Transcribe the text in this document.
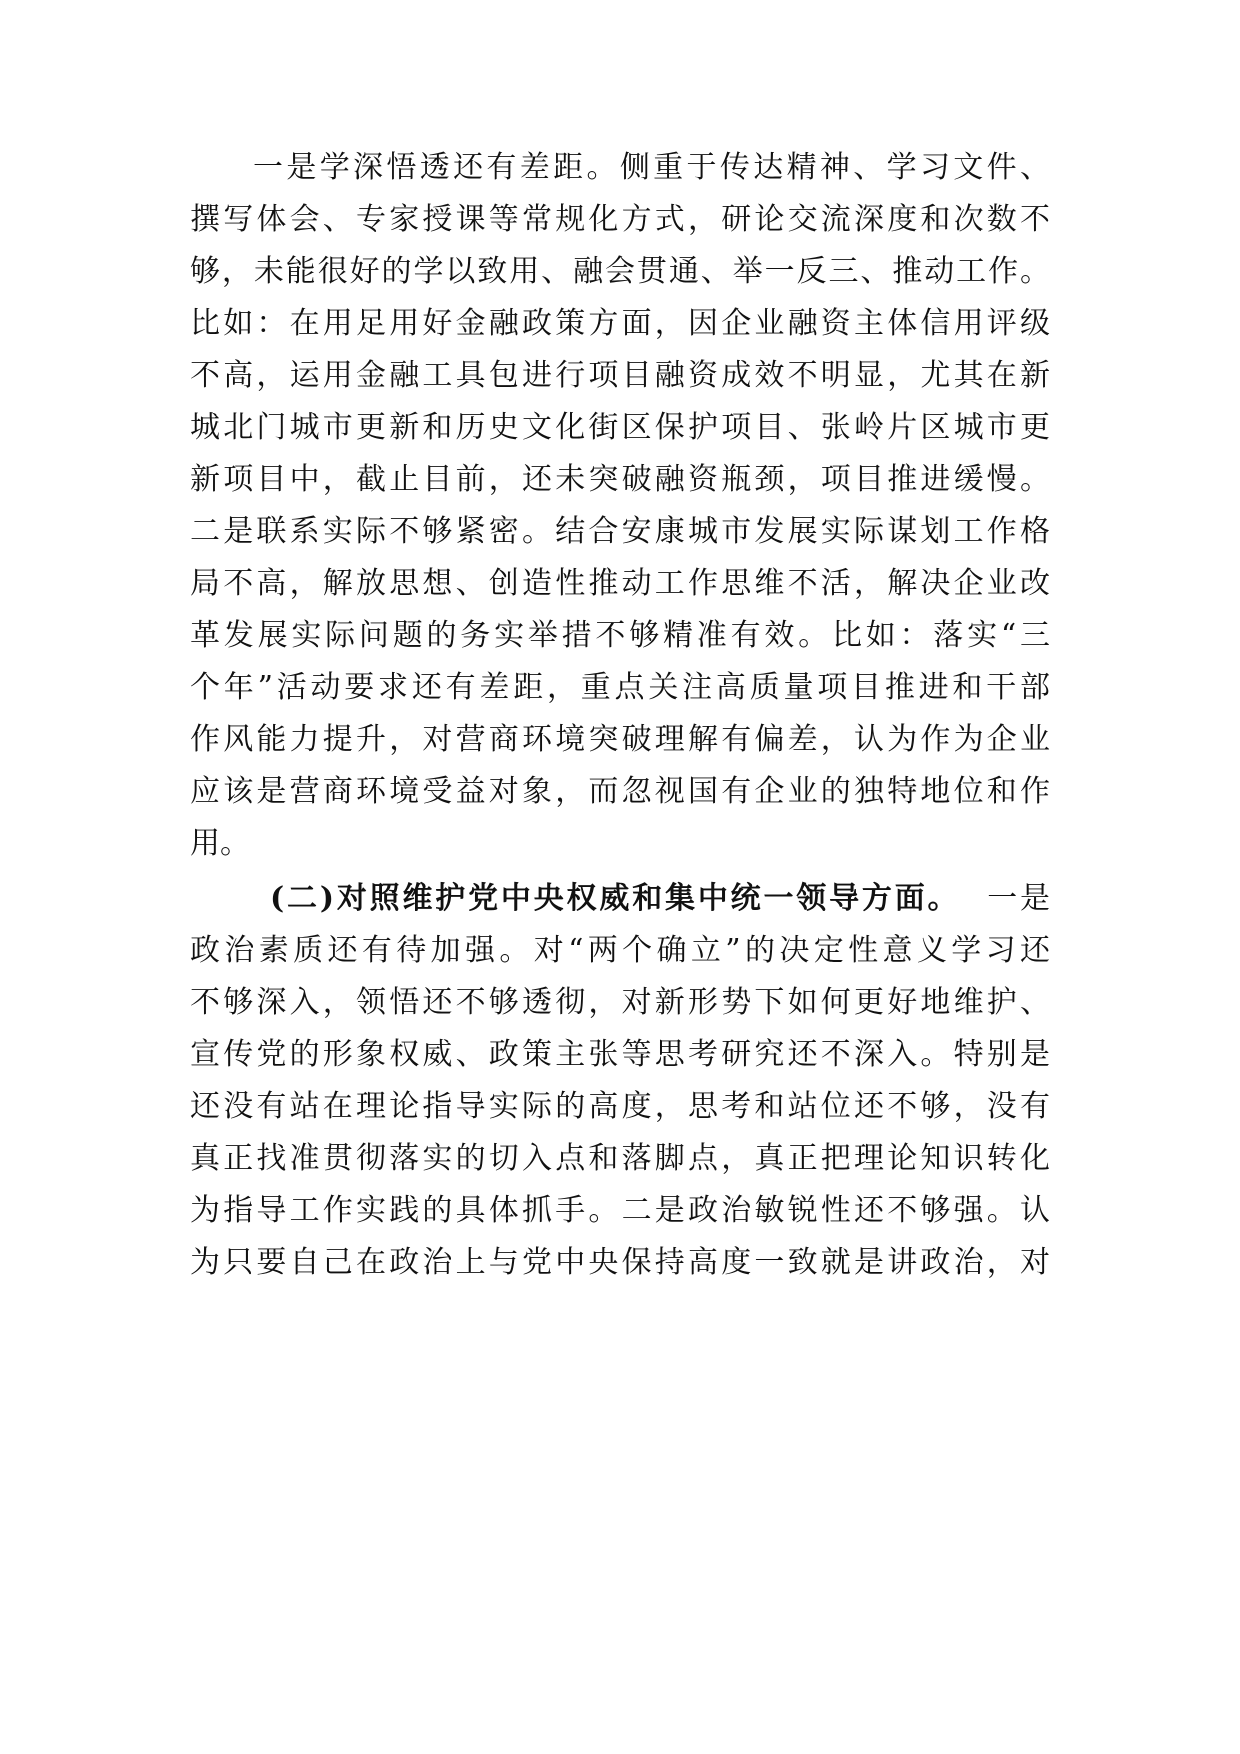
一是学深悟透还有差距。侧重于传达精神、学习文件、
撰写体会、专家授课等常规化方式，研论交流深度和次数不
够，未能很好的学以致用、融会贯通、举一反三、推动工作。
比如：在用足用好金融政策方面，因企业融资主体信用评级
不高，运用金融工具包进行项目融资成效不明显，尤其在新
城北门城市更新和历史文化街区保护项目、张岭片区城市更
新项目中，截止目前，还未突破融资瓶颈，项目推进缓慢。
二是联系实际不够紧密。结合安康城市发展实际谋划工作格
局不高，解放思想、创造性推动工作思维不活，解决企业改
革发展实际问题的务实举措不够精准有效。比如：落实“三
个年”活动要求还有差距，重点关注高质量项目推进和干部
作风能力提升，对营商环境突破理解有偏差，认为作为企业
应该是营商环境受益对象，而忽视国有企业的独特地位和作
用。
(二)对照维护党中央权威和集中统一领导方面。 一是
政治素质还有待加强。对“两个确立”的决定性意义学习还
不够深入，领悟还不够透彻，对新形势下如何更好地维护、
宣传党的形象权威、政策主张等思考研究还不深入。特别是
还没有站在理论指导实际的高度，思考和站位还不够，没有
真正找准贯彻落实的切入点和落脚点，真正把理论知识转化
为指导工作实践的具体抓手。二是政治敏锐性还不够强。认
为只要自己在政治上与党中央保持高度一致就是讲政治，对
